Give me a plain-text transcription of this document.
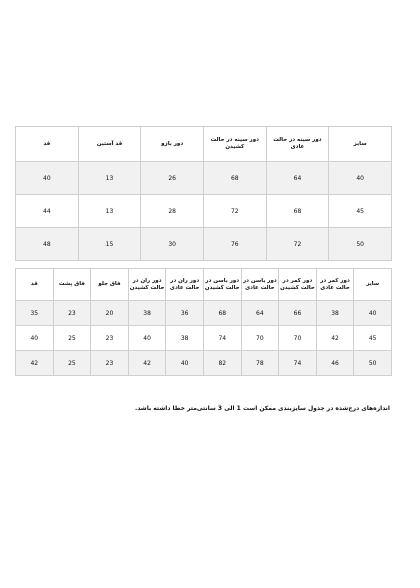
قد	قد آستین	دور بازو	دور سینه در حالت کشیدن	دور سینه در حالت عادی	سایز
40	13	26	68	64	40
44	13	28	72	68	45
48	15	30	76	72	50
قد	فاق پشت	فاق جلو	دور ران در حالت کشیدن	دور ران در حالت عادی	دور باسن در حالت کشیدن	دور باسن در حالت عادی	دور کمر در حالت کشیدن	دور کمر در حالت عادی	سایز
35	23	20	38	36	68	64	66	38	40
40	25	23	40	38	74	70	70	42	45
42	25	23	42	40	82	78	74	46	50
اندازه‌های درج‌شده در جدول سایزبندی ممکن است 1 الی 3 سانتی‌متر خطا داشته باشد.
